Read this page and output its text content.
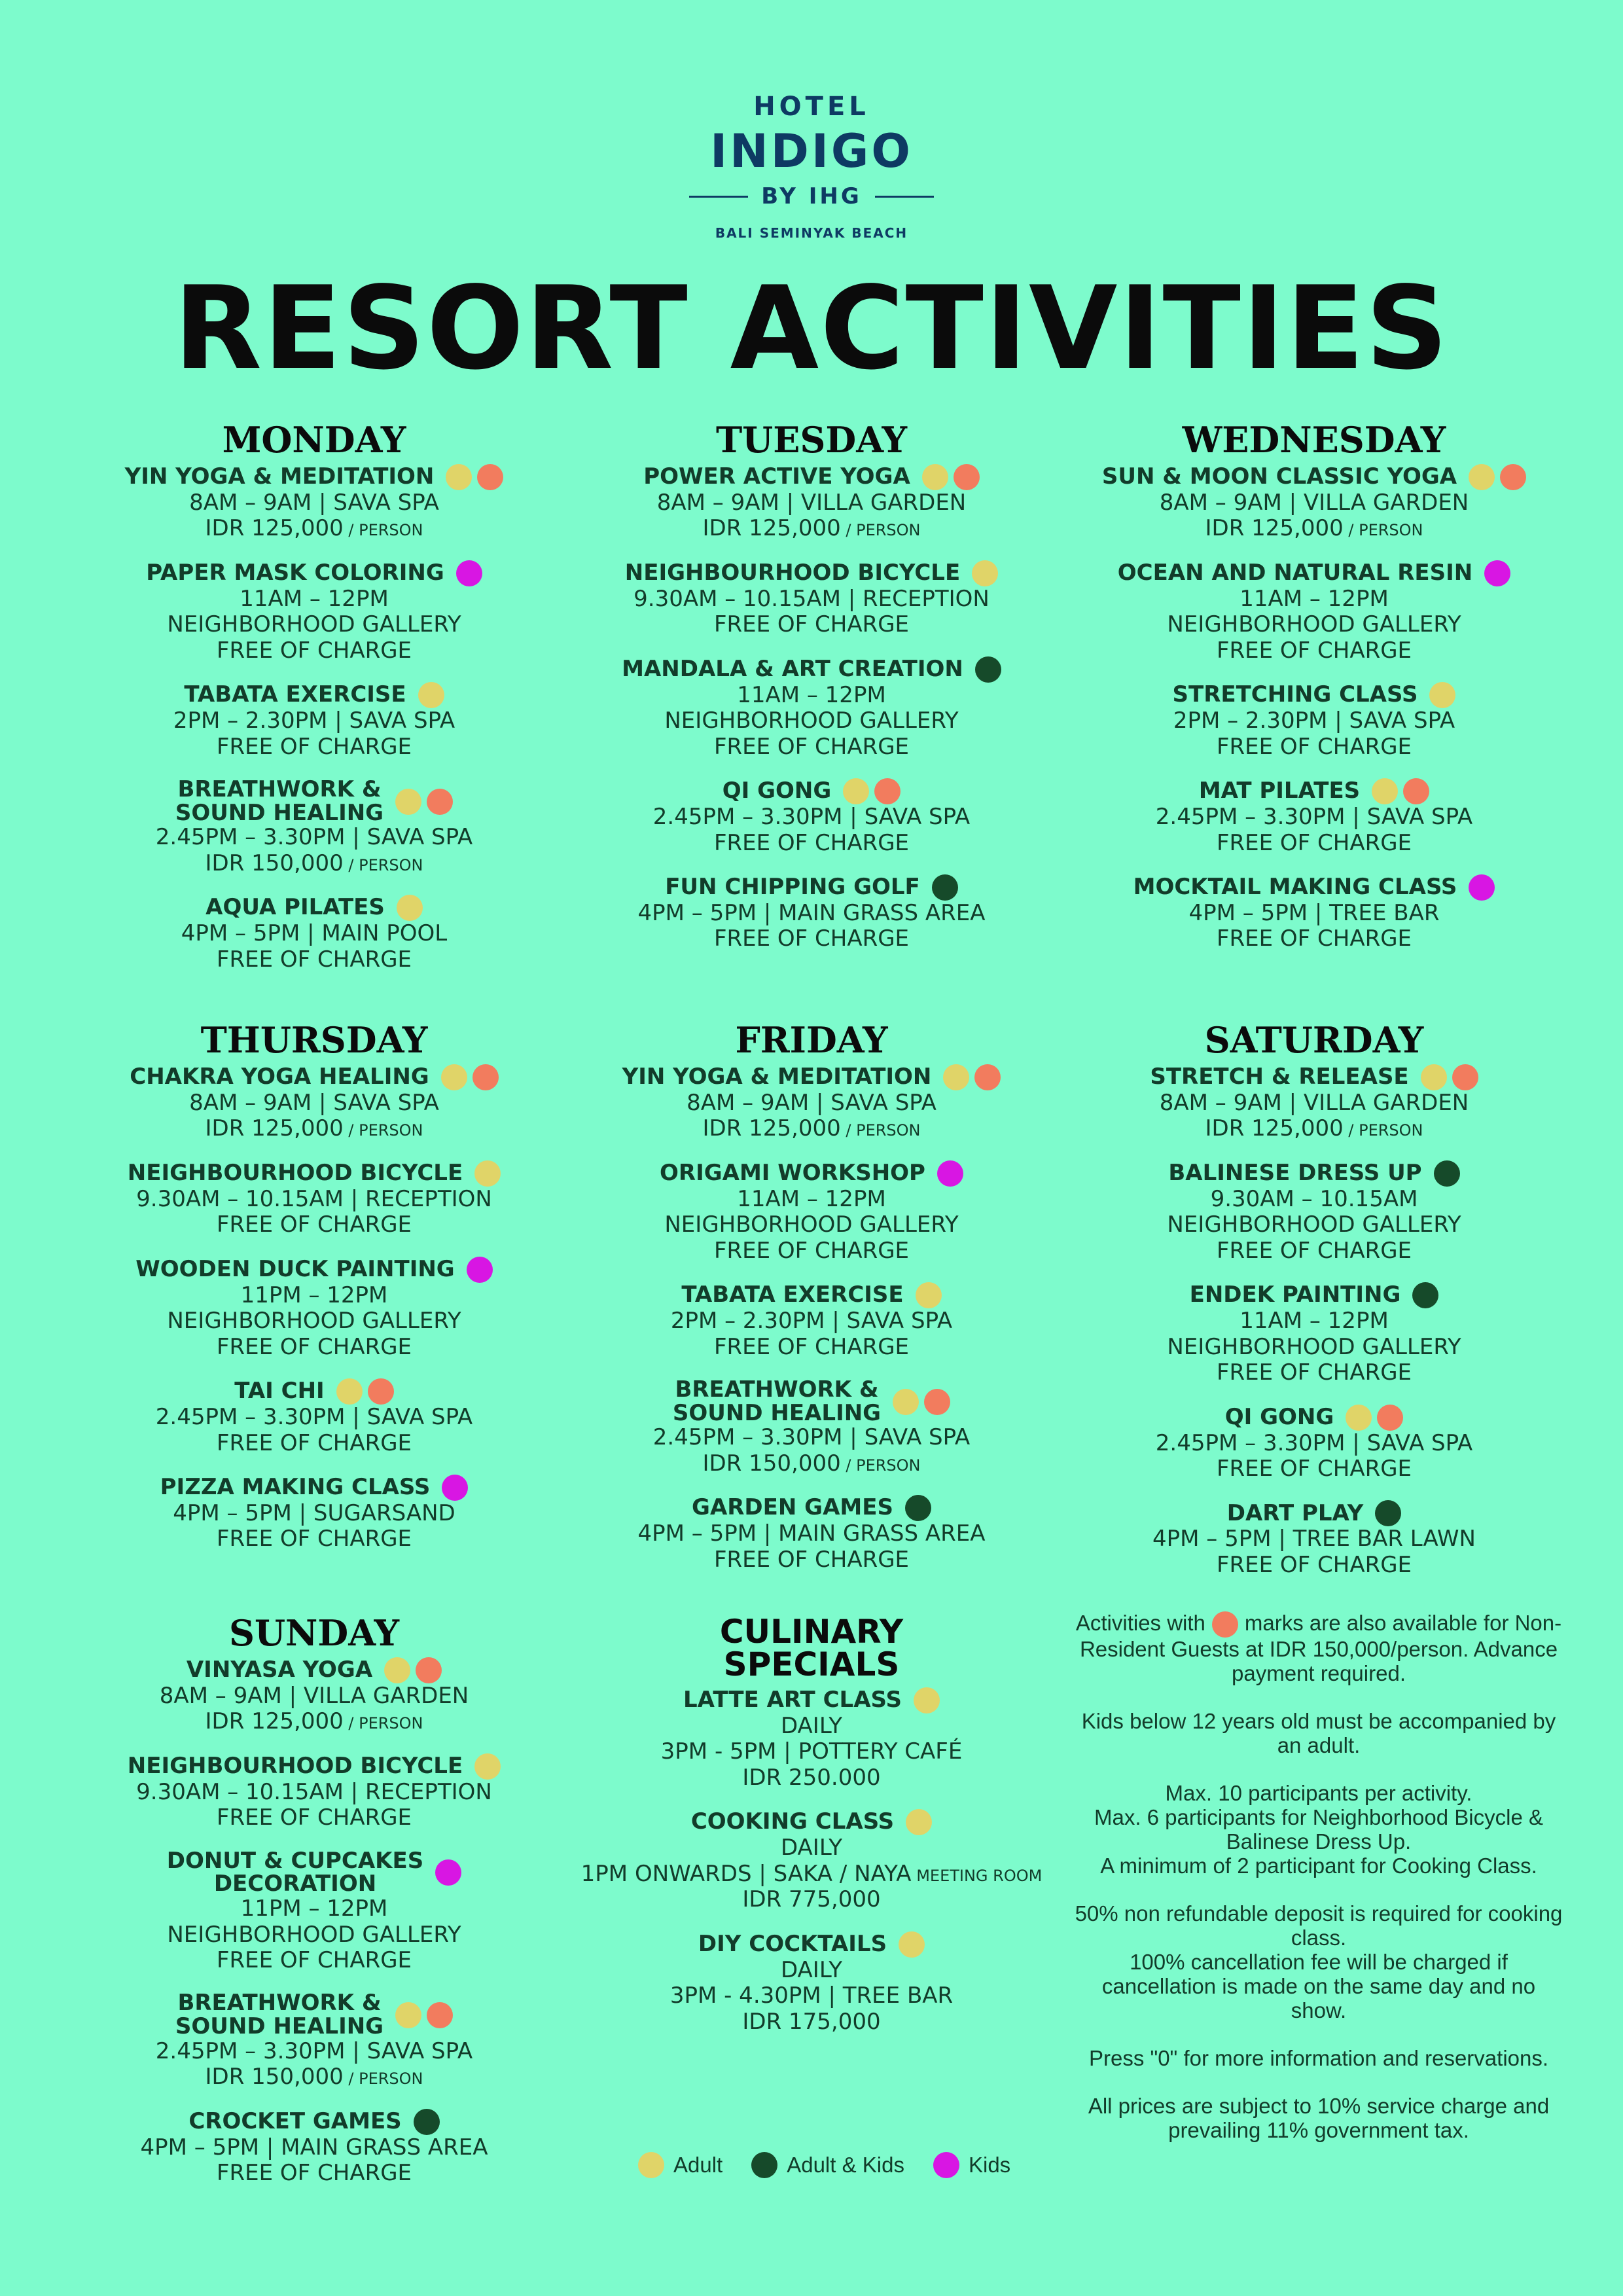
HOTEL
INDIGO
BY IHG
BALI SEMINYAK BEACH
RESORT ACTIVITIES
MONDAY
YIN YOGA & MEDITATION
8AM – 9AM | SAVA SPA
IDR 125,000 / PERSON
PAPER MASK COLORING
11AM – 12PM
NEIGHBORHOOD GALLERY
FREE OF CHARGE
TABATA EXERCISE
2PM – 2.30PM | SAVA SPA
FREE OF CHARGE
BREATHWORK &
SOUND HEALING
2.45PM – 3.30PM | SAVA SPA
IDR 150,000 / PERSON
AQUA PILATES
4PM – 5PM | MAIN POOL
FREE OF CHARGE
TUESDAY
POWER ACTIVE YOGA
8AM – 9AM | VILLA GARDEN
IDR 125,000 / PERSON
NEIGHBOURHOOD BICYCLE
9.30AM – 10.15AM | RECEPTION
FREE OF CHARGE
MANDALA & ART CREATION
11AM – 12PM
NEIGHBORHOOD GALLERY
FREE OF CHARGE
QI GONG
2.45PM – 3.30PM | SAVA SPA
FREE OF CHARGE
FUN CHIPPING GOLF
4PM – 5PM | MAIN GRASS AREA
FREE OF CHARGE
WEDNESDAY
SUN & MOON CLASSIC YOGA
8AM – 9AM | VILLA GARDEN
IDR 125,000 / PERSON
OCEAN AND NATURAL RESIN
11AM – 12PM
NEIGHBORHOOD GALLERY
FREE OF CHARGE
STRETCHING CLASS
2PM – 2.30PM | SAVA SPA
FREE OF CHARGE
MAT PILATES
2.45PM – 3.30PM | SAVA SPA
FREE OF CHARGE
MOCKTAIL MAKING CLASS
4PM – 5PM | TREE BAR
FREE OF CHARGE
THURSDAY
CHAKRA YOGA HEALING
8AM – 9AM | SAVA SPA
IDR 125,000 / PERSON
NEIGHBOURHOOD BICYCLE
9.30AM – 10.15AM | RECEPTION
FREE OF CHARGE
WOODEN DUCK PAINTING
11PM – 12PM
NEIGHBORHOOD GALLERY
FREE OF CHARGE
TAI CHI
2.45PM – 3.30PM | SAVA SPA
FREE OF CHARGE
PIZZA MAKING CLASS
4PM – 5PM | SUGARSAND
FREE OF CHARGE
FRIDAY
YIN YOGA & MEDITATION
8AM – 9AM | SAVA SPA
IDR 125,000 / PERSON
ORIGAMI WORKSHOP
11AM – 12PM
NEIGHBORHOOD GALLERY
FREE OF CHARGE
TABATA EXERCISE
2PM – 2.30PM | SAVA SPA
FREE OF CHARGE
BREATHWORK &
SOUND HEALING
2.45PM – 3.30PM | SAVA SPA
IDR 150,000 / PERSON
GARDEN GAMES
4PM – 5PM | MAIN GRASS AREA
FREE OF CHARGE
SATURDAY
STRETCH & RELEASE
8AM – 9AM | VILLA GARDEN
IDR 125,000 / PERSON
BALINESE DRESS UP
9.30AM – 10.15AM
NEIGHBORHOOD GALLERY
FREE OF CHARGE
ENDEK PAINTING
11AM – 12PM
NEIGHBORHOOD GALLERY
FREE OF CHARGE
QI GONG
2.45PM – 3.30PM | SAVA SPA
FREE OF CHARGE
DART PLAY
4PM – 5PM | TREE BAR LAWN
FREE OF CHARGE
SUNDAY
VINYASA YOGA
8AM – 9AM | VILLA GARDEN
IDR 125,000 / PERSON
NEIGHBOURHOOD BICYCLE
9.30AM – 10.15AM | RECEPTION
FREE OF CHARGE
DONUT & CUPCAKES
DECORATION
11PM – 12PM
NEIGHBORHOOD GALLERY
FREE OF CHARGE
BREATHWORK &
SOUND HEALING
2.45PM – 3.30PM | SAVA SPA
IDR 150,000 / PERSON
CROCKET GAMES
4PM – 5PM | MAIN GRASS AREA
FREE OF CHARGE
CULINARY
SPECIALS
LATTE ART CLASS
DAILY
3PM - 5PM | POTTERY CAFÉ
IDR 250.000
COOKING CLASS
DAILY
1PM ONWARDS | SAKA / NAYA MEETING ROOM
IDR 775,000
DIY COCKTAILS
DAILY
3PM - 4.30PM | TREE BAR
IDR 175,000

Activities with marks are also available for Non-Resident Guests at IDR 150,000/person. Advance payment required.

Kids below 12 years old must be accompanied by an adult.

Max. 10 participants per activity.
Max. 6 participants for Neighborhood Bicycle & Balinese Dress Up.
A minimum of 2 participant for Cooking Class.

50% non refundable deposit is required for cooking class.
100% cancellation fee will be charged if cancellation is made on the same day and no show.

Press "0" for more information and reservations.

All prices are subject to 10% service charge and prevailing 11% government tax.

Adult	Adult & Kids	Kids
